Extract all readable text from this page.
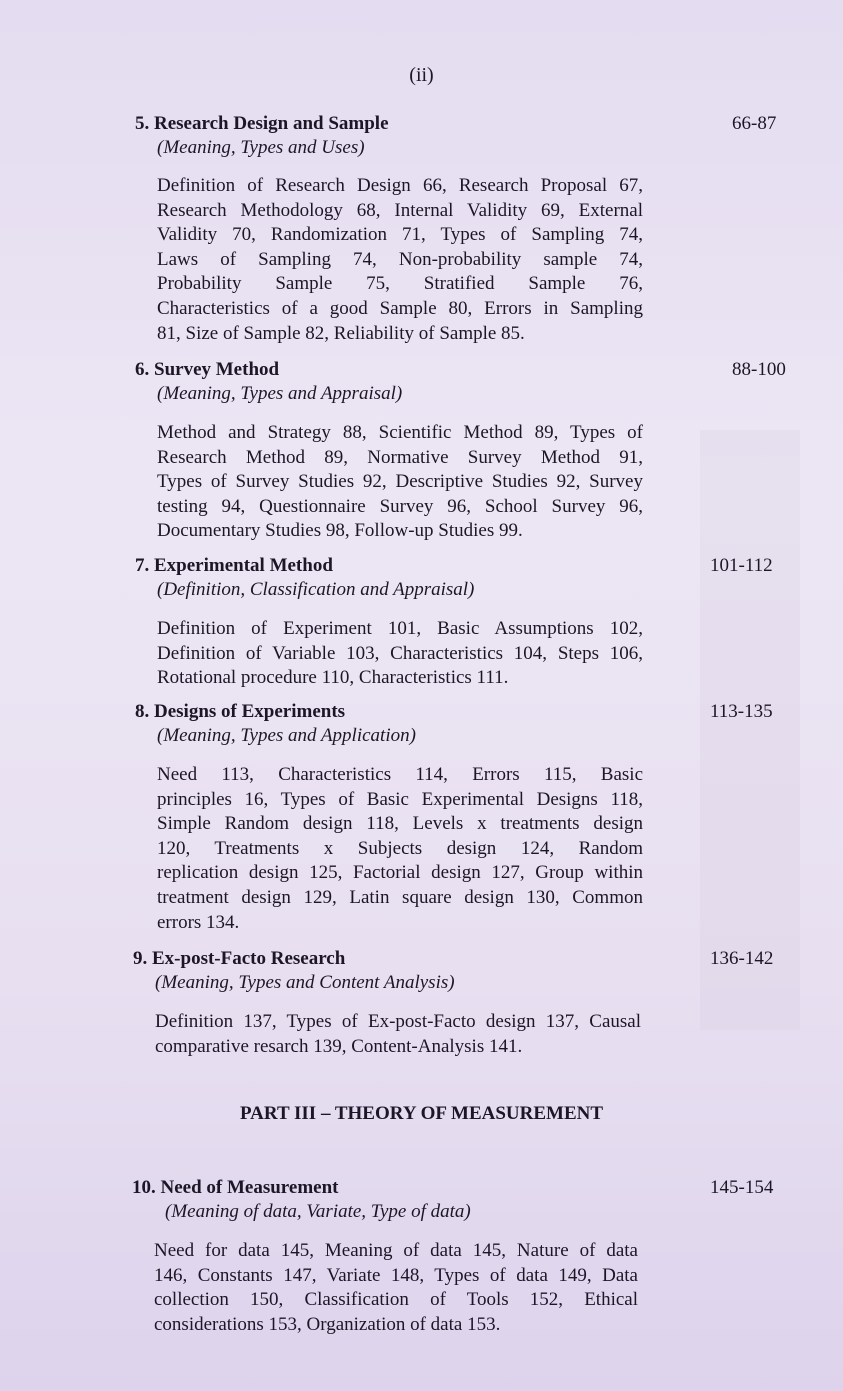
(ii)
5. Research Design and Sample	66-87
(Meaning, Types and Uses)
Definition of Research Design 66, Research Proposal 67,
Research Methodology 68, Internal Validity 69, External
Validity 70, Randomization 71, Types of Sampling 74,
Laws of Sampling 74, Non-probability sample 74,
Probability Sample 75, Stratified Sample 76,
Characteristics of a good Sample 80, Errors in Sampling
81, Size of Sample 82, Reliability of Sample 85.
6. Survey Method	88-100
(Meaning, Types and Appraisal)
Method and Strategy 88, Scientific Method 89, Types of
Research Method 89, Normative Survey Method 91,
Types of Survey Studies 92, Descriptive Studies 92, Survey
testing 94, Questionnaire Survey 96, School Survey 96,
Documentary Studies 98, Follow-up Studies 99.
7. Experimental Method	101-112
(Definition, Classification and Appraisal)
Definition of Experiment 101, Basic Assumptions 102,
Definition of Variable 103, Characteristics 104, Steps 106,
Rotational procedure 110, Characteristics 111.
8. Designs of Experiments	113-135
(Meaning, Types and Application)
Need 113, Characteristics 114, Errors 115, Basic
principles 16, Types of Basic Experimental Designs 118,
Simple Random design 118, Levels x treatments design
120, Treatments x Subjects design 124, Random
replication design 125, Factorial design 127, Group within
treatment design 129, Latin square design 130, Common
errors 134.
9. Ex-post-Facto Research	136-142
(Meaning, Types and Content Analysis)
Definition 137, Types of Ex-post-Facto design 137, Causal
comparative resarch 139, Content-Analysis 141.
PART III – THEORY OF MEASUREMENT
10. Need of Measurement	145-154
(Meaning of data, Variate, Type of data)
Need for data 145, Meaning of data 145, Nature of data
146, Constants 147, Variate 148, Types of data 149, Data
collection 150, Classification of Tools 152, Ethical
considerations 153, Organization of data 153.
